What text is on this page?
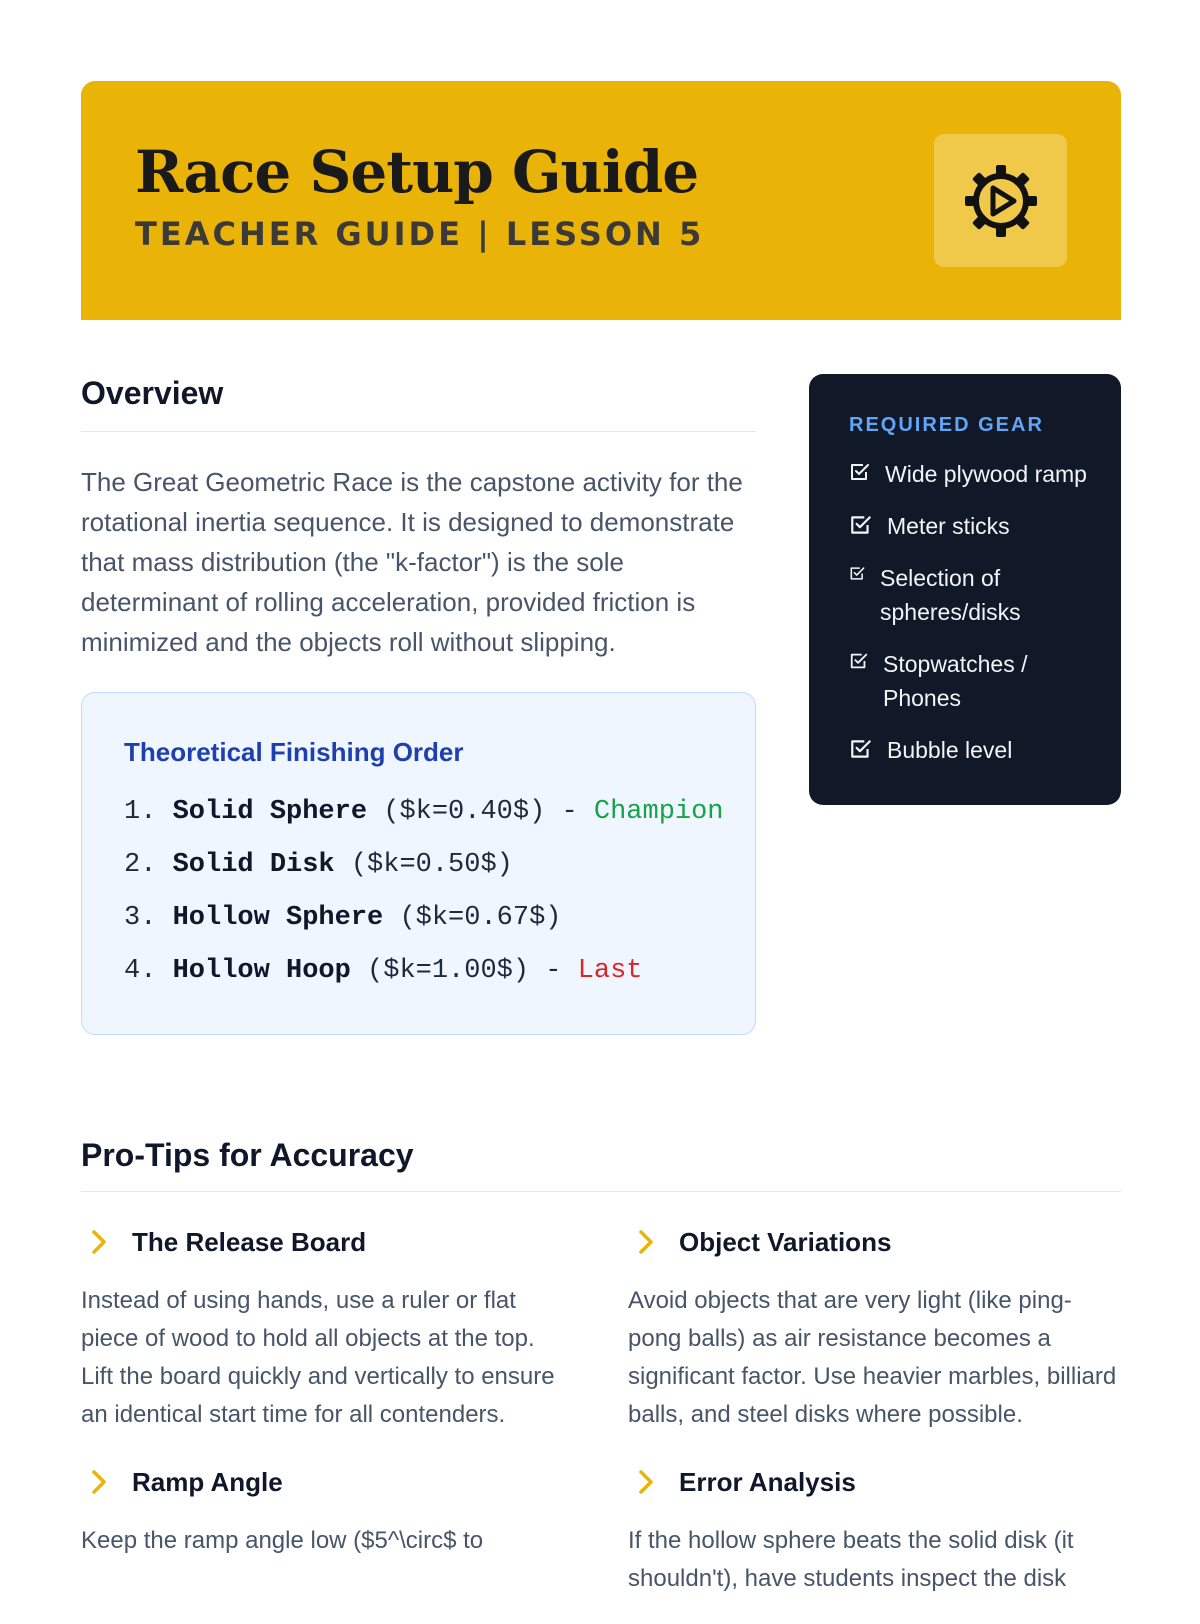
Race Setup Guide
TEACHER GUIDE | LESSON 5
Overview

The Great Geometric Race is the capstone activity for the rotational inertia sequence. It is designed to demonstrate that mass distribution (the "k-factor") is the sole determinant of rolling acceleration, provided friction is minimized and the objects roll without slipping.

Theoretical Finishing Order
1. Solid Sphere ($k=0.40$) - Champion
2. Solid Disk ($k=0.50$)
3. Hollow Sphere ($k=0.67$)
4. Hollow Hoop ($k=1.00$) - Last
REQUIRED GEAR
Wide plywood ramp
Meter sticks
Selection of spheres/disks
Stopwatches / Phones
Bubble level
Pro-Tips for Accuracy
The Release Board
Instead of using hands, use a ruler or flat piece of wood to hold all objects at the top. Lift the board quickly and vertically to ensure an identical start time for all contenders.
Ramp Angle
Keep the ramp angle low ($5^\circ$ to
Object Variations
Avoid objects that are very light (like ping-pong balls) as air resistance becomes a significant factor. Use heavier marbles, billiard balls, and steel disks where possible.
Error Analysis
If the hollow sphere beats the solid disk (it shouldn't), have students inspect the disk
